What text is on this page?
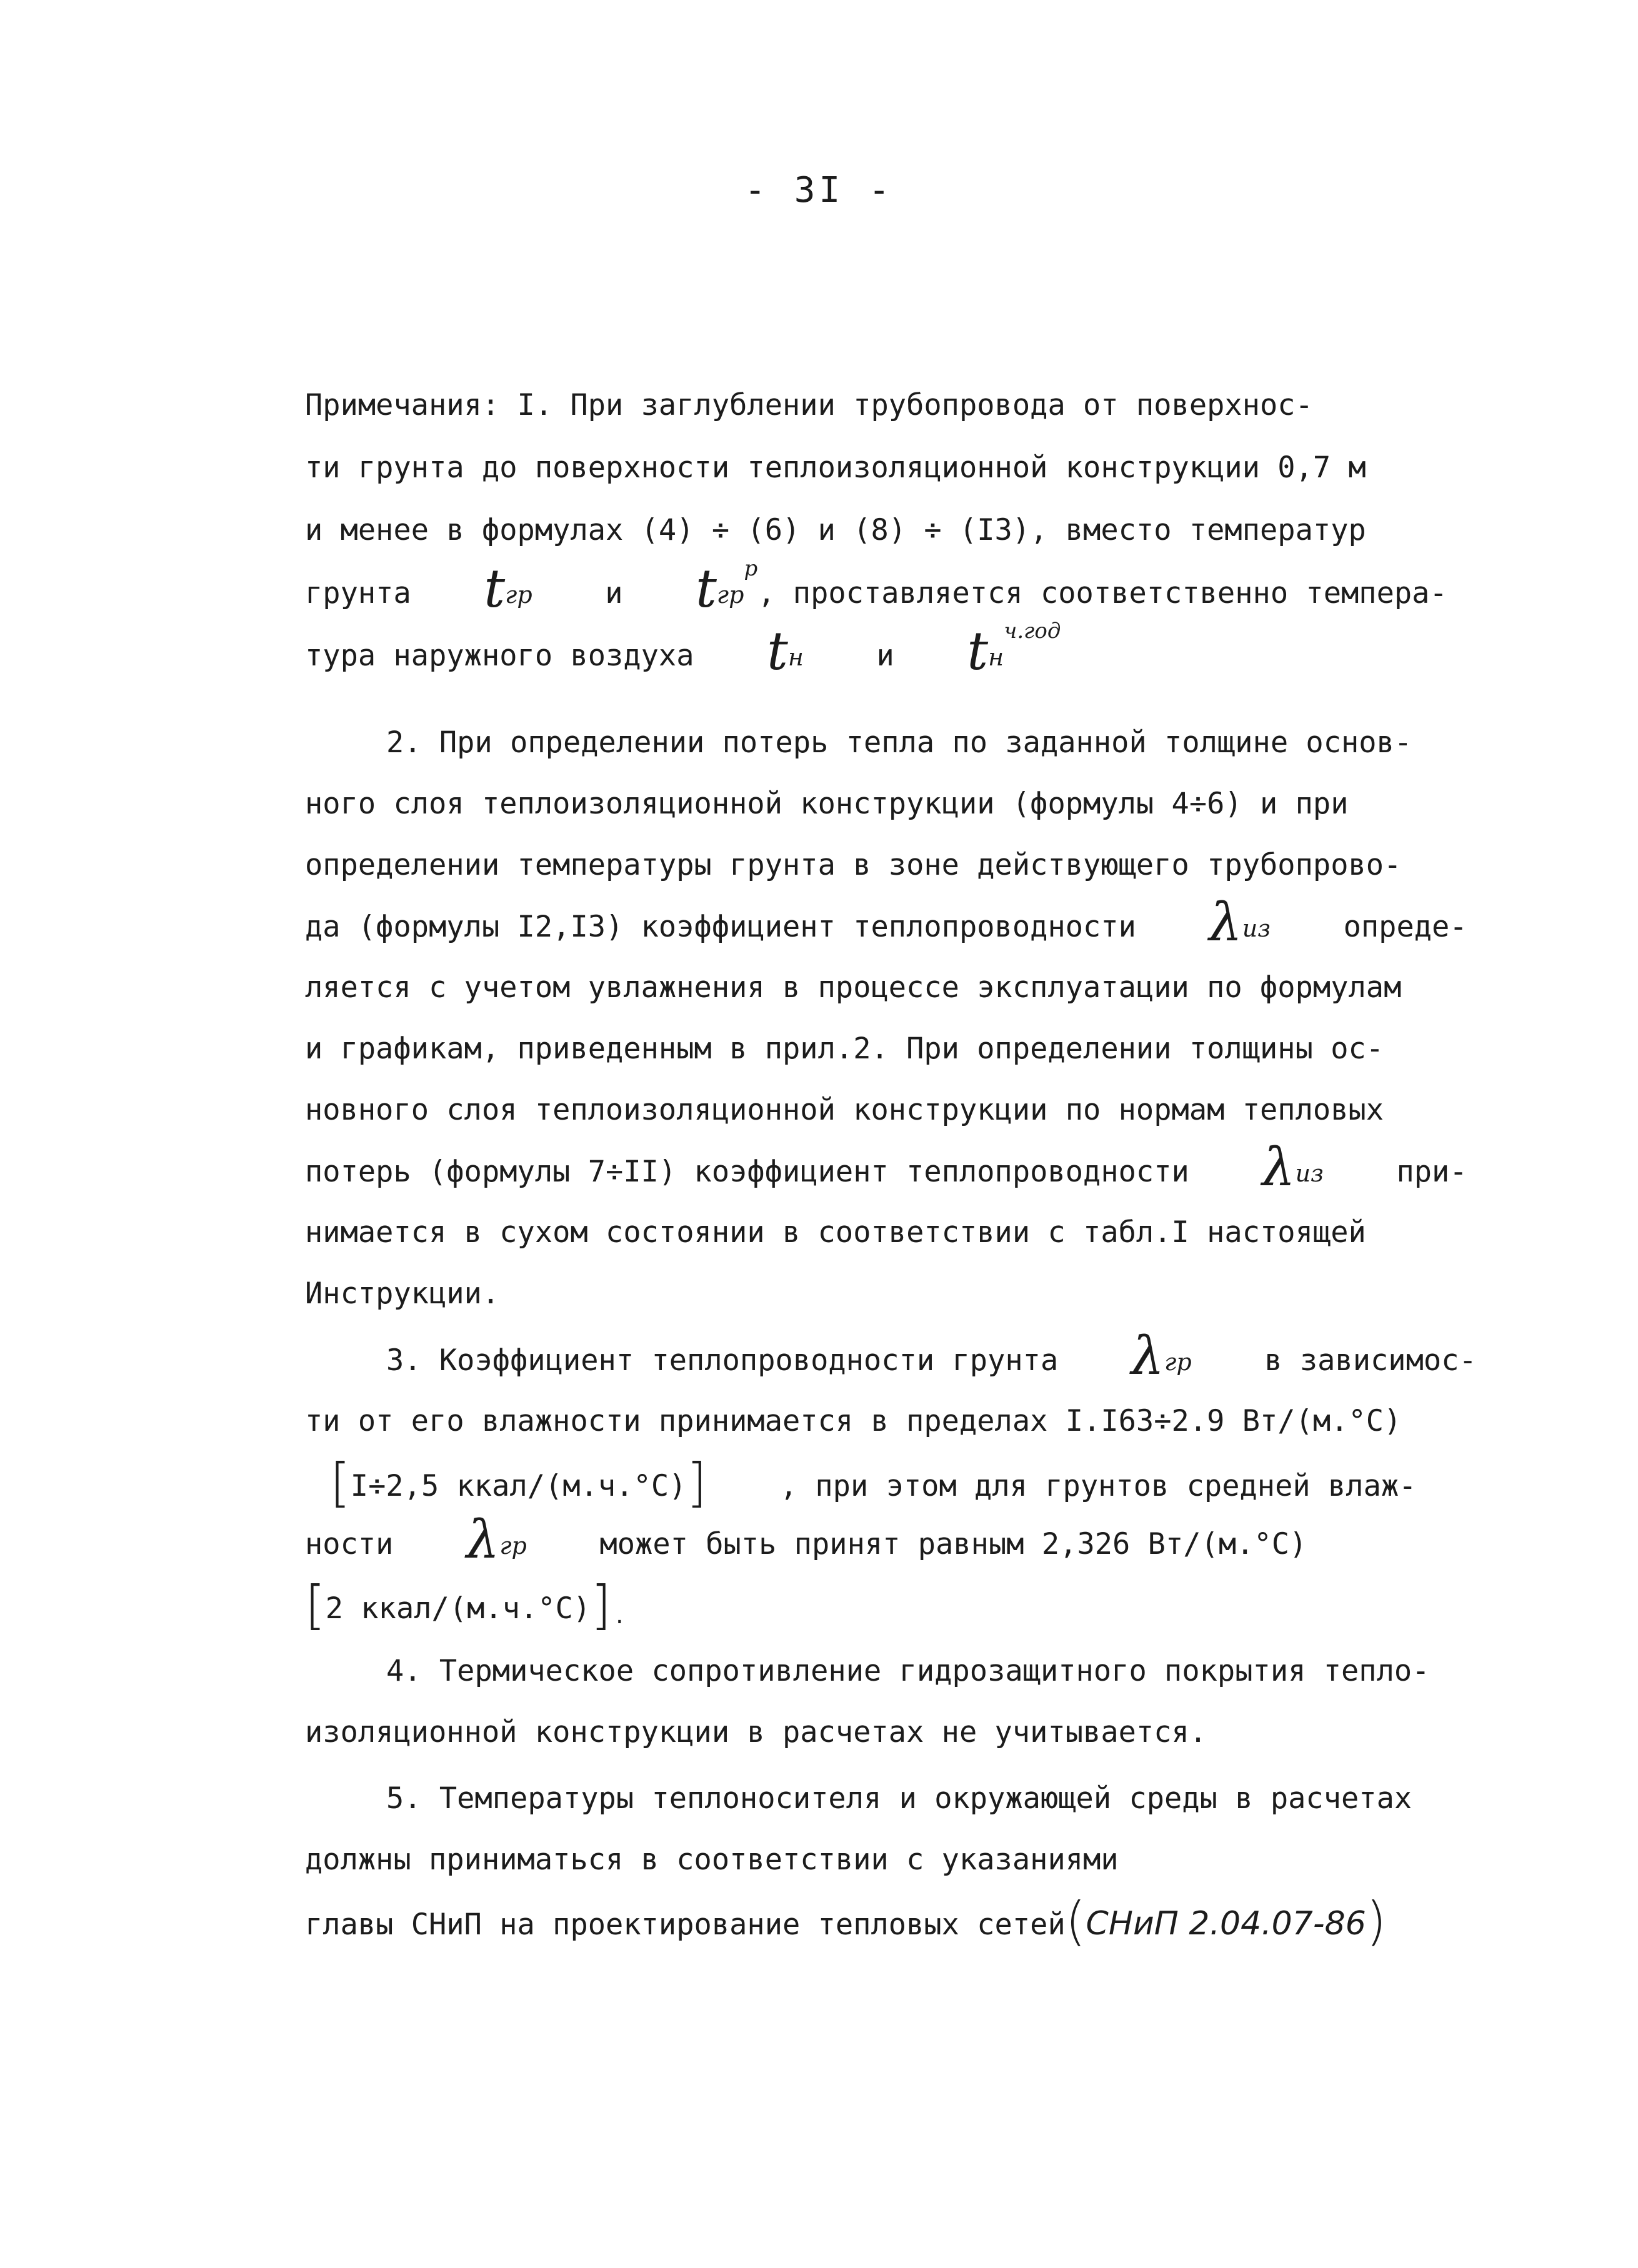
- 3I -
Примечания: I. При заглублении трубопровода от поверхнос-
ти грунта до поверхности теплоизоляционной конструкции 0,7 м
и менее в формулах (4) ÷ (6) и (8) ÷ (I3), вместо температур
грунта tгр и tгр$^р$, проставляется соответственно темпера-
тура наружного воздуха tн и $tн^{ч.год}$
2. При определении потерь тепла по заданной толщине основ-
ного слоя теплоизоляционной конструкции (формулы 4÷6) и при
определении температуры грунта в зоне действующего трубопрово-
да (формулы I2,I3) коэффициент теплопроводности λиз опреде-
ляется с учетом увлажнения в процессе эксплуатации по формулам
и графикам, приведенным в прил.2. При определении толщины ос-
новного слоя теплоизоляционной конструкции по нормам тепловых
потерь (формулы 7÷II) коэффициент теплопроводности λиз при-
нимается в сухом состоянии в соответствии с табл.I настоящей
Инструкции.
3. Коэффициент теплопроводности грунта λгр в зависимос-
ти от его влажности принимается в пределах I.I63÷2.9 Вт/(м.°С)
[I÷2,5 ккал/(м.ч.°С)] , при этом для грунтов средней влаж-
ности λгр может быть принят равным 2,326 Вт/(м.°С)
[2 ккал/(м.ч.°С)].
4. Термическое сопротивление гидрозащитного покрытия тепло-
изоляционной конструкции в расчетах не учитывается.
5. Температуры теплоносителя и окружающей среды в расчетах
должны приниматься в соответствии с указаниями
главы СНиП на проектирование тепловых сетей(СНиП 2.04.07-86)
